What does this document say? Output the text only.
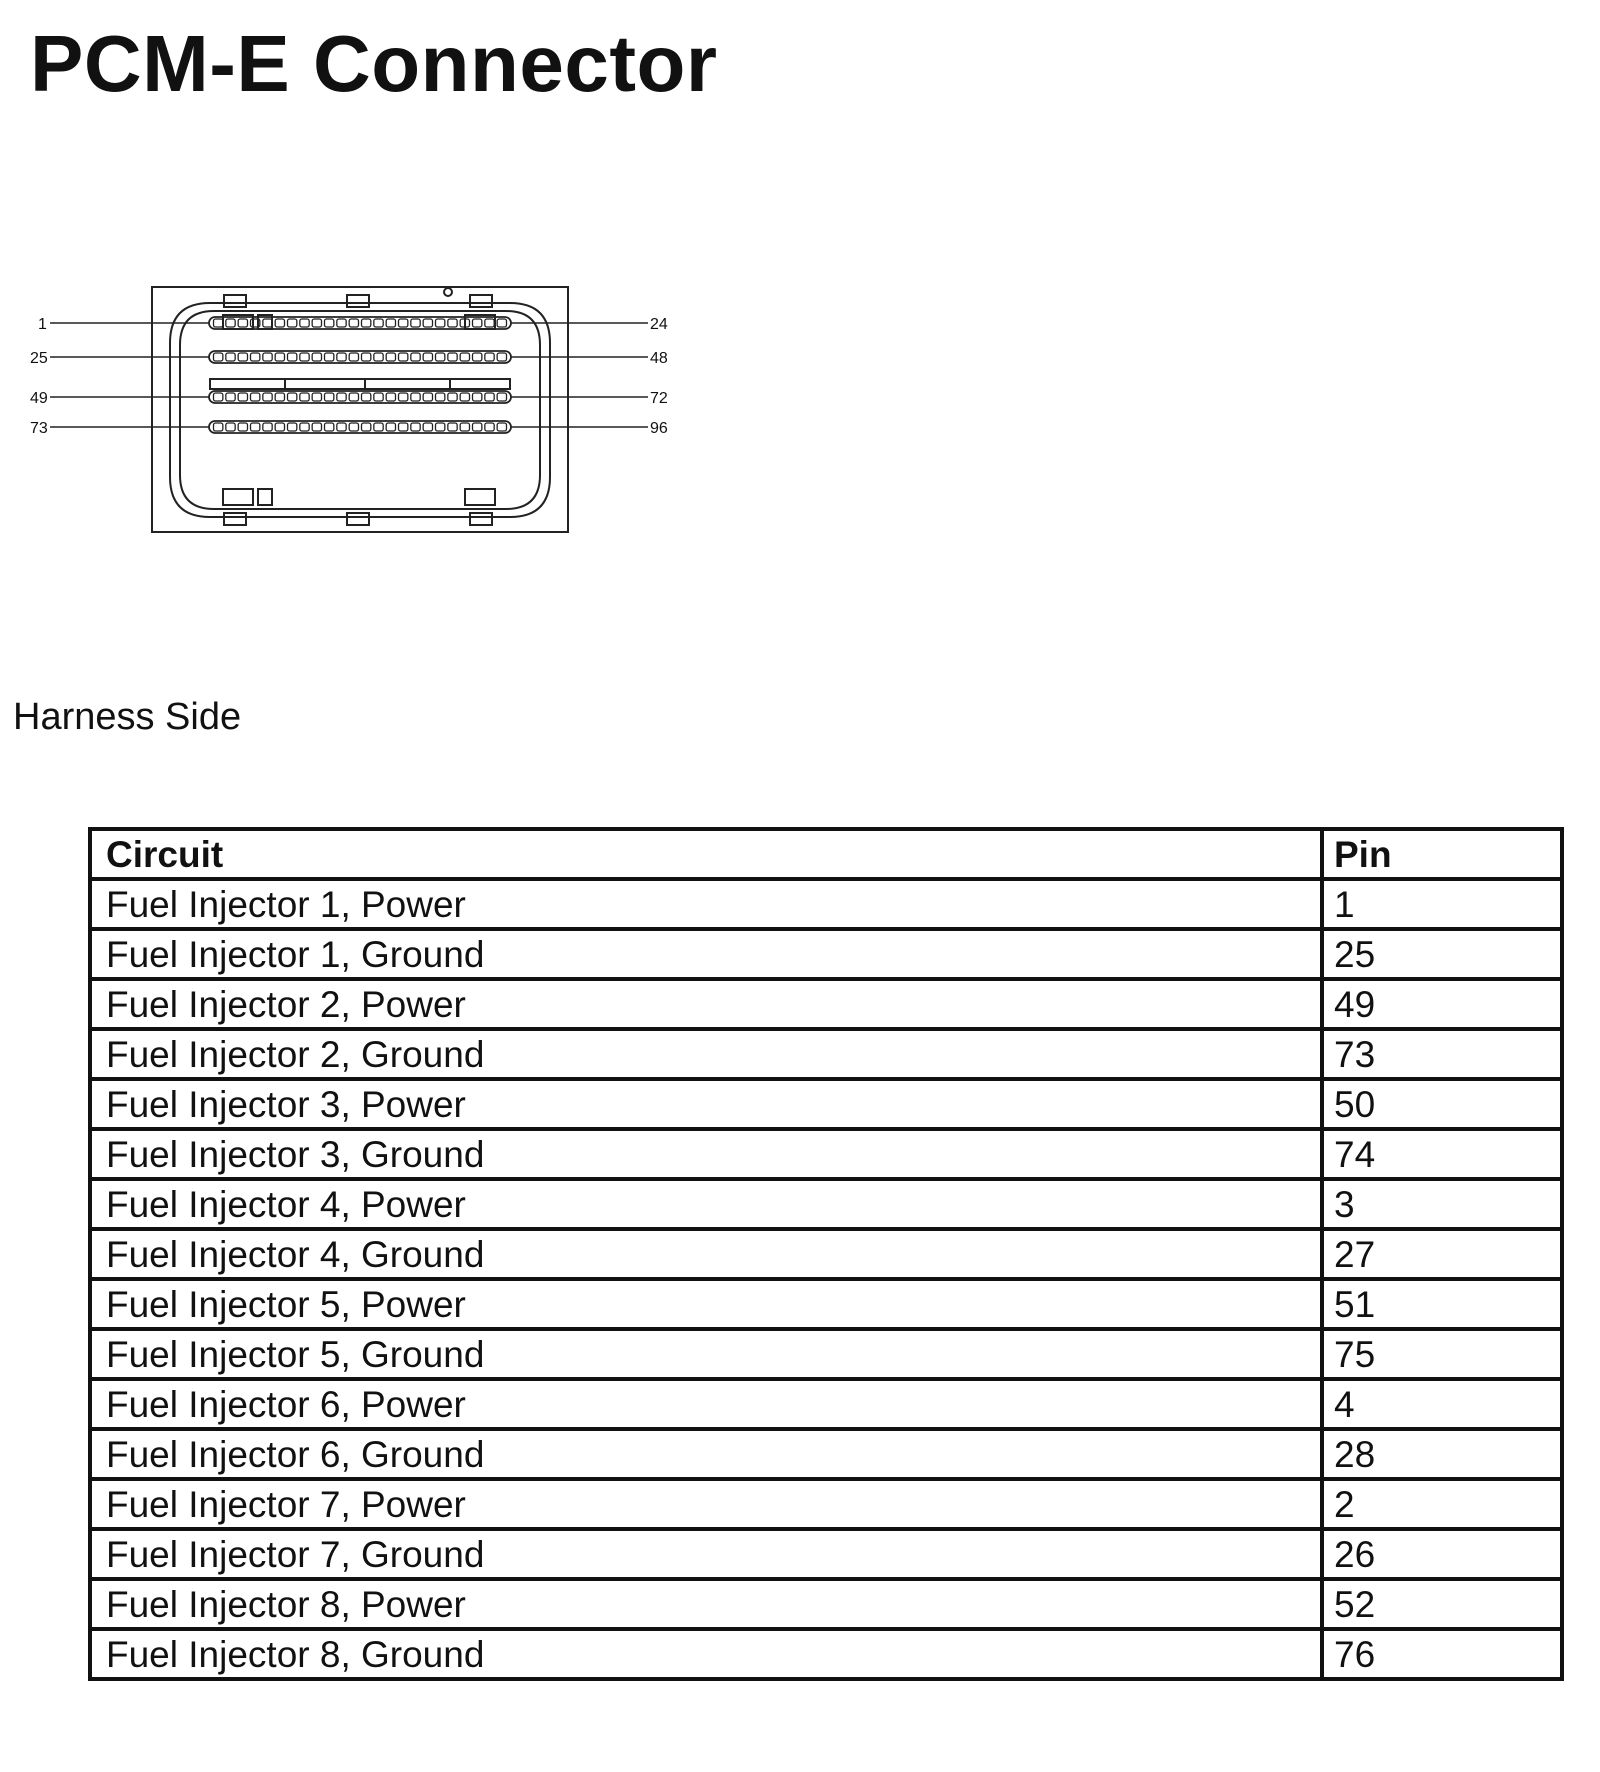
PCM-E Connector
1	24
25	48
49	72
73	96
Harness Side
Circuit	Pin
Fuel Injector 1, Power	1
Fuel Injector 1, Ground	25
Fuel Injector 2, Power	49
Fuel Injector 2, Ground	73
Fuel Injector 3, Power	50
Fuel Injector 3, Ground	74
Fuel Injector 4, Power	3
Fuel Injector 4, Ground	27
Fuel Injector 5, Power	51
Fuel Injector 5, Ground	75
Fuel Injector 6, Power	4
Fuel Injector 6, Ground	28
Fuel Injector 7, Power	2
Fuel Injector 7, Ground	26
Fuel Injector 8, Power	52
Fuel Injector 8, Ground	76
